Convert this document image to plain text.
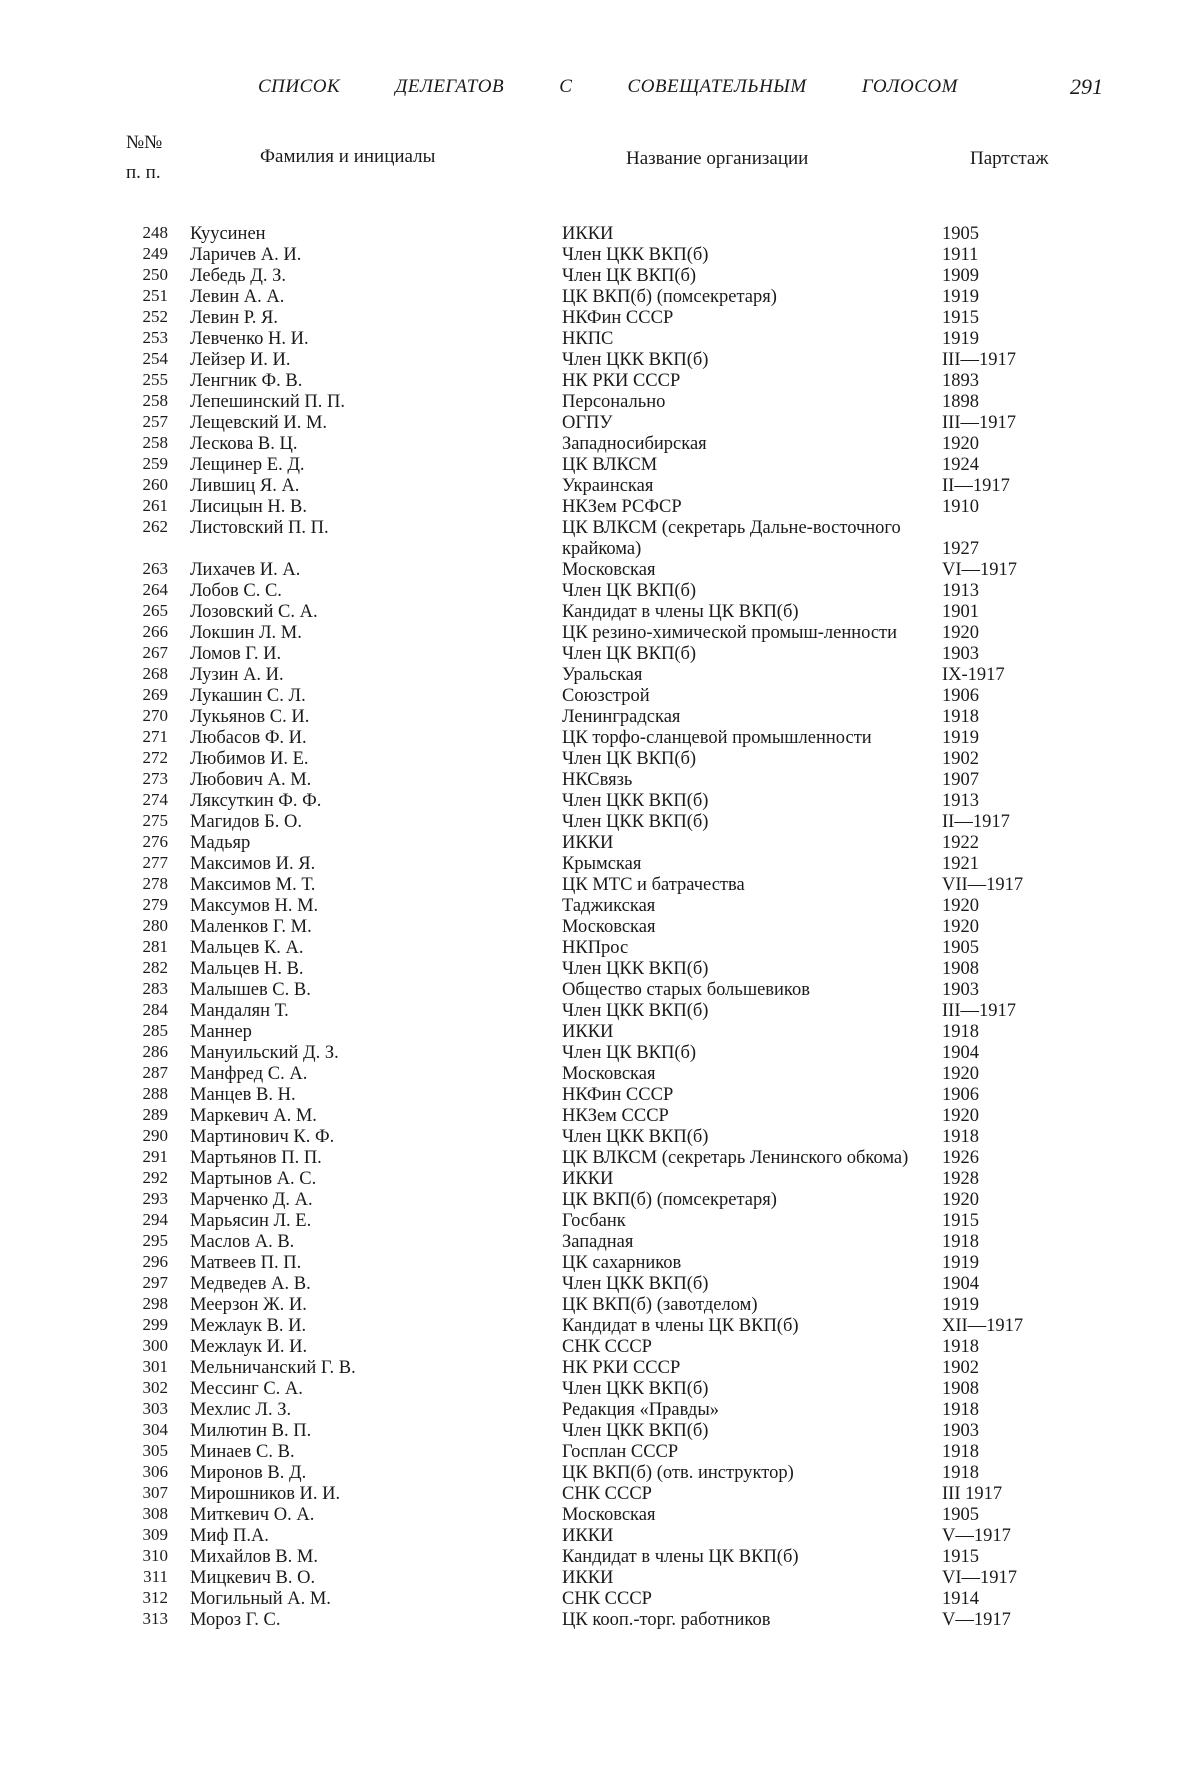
СПИСОК	ДЕЛЕГАТОВ	С	СОВЕЩАТЕЛЬНЫМ	ГОЛОСОМ	291
№№
п. п.
Фамилия и инициалы	Название организации	Партстаж
248 Куусинен	ИККИ	1905
249 Ларичев А. И.	Член ЦКК ВКП(б)	1911
250 Лебедь Д. З.	Член ЦК ВКП(б)	1909
251 Левин А. А.	ЦК ВКП(б) (помсекретаря)	1919
252 Левин Р. Я.	НКФин СССР	1915
253 Левченко Н. И.	НКПС	1919
254 Лейзер И. И.	Член ЦКК ВКП(б)	III—1917
255 Ленгник Ф. В.	НК РКИ СССР	1893
258 Лепешинский П. П.	Персонально	1898
257 Лещевский И. М.	ОГПУ	III—1917
258 Лескова В. Ц.	Западносибирская	1920
259 Лещинер Е. Д.	ЦК ВЛКСМ	1924
260 Лившиц Я. А.	Украинская	II—1917
261 Лисицын Н. В.	НКЗем РСФСР	1910
262 Листовский П. П.	ЦК ВЛКСМ (секретарь Дальне-восточного крайкома)	1927
263 Лихачев И. А.	Московская	VI—1917
264 Лобов С. С.	Член ЦК ВКП(б)	1913
265 Лозовский С. А.	Кандидат в члены ЦК ВКП(б)	1901
266 Локшин Л. М.	ЦК резино-химической промыш-ленности	1920
267 Ломов Г. И.	Член ЦК ВКП(б)	1903
268 Лузин А. И.	Уральская	IX-1917
269 Лукашин С. Л.	Союзстрой	1906
270 Лукьянов С. И.	Ленинградская	1918
271 Любасов Ф. И.	ЦК торфо-сланцевой промышленности	1919
272 Любимов И. Е.	Член ЦК ВКП(б)	1902
273 Любович А. М.	НКСвязь	1907
274 Ляксуткин Ф. Ф.	Член ЦКК ВКП(б)	1913
275 Магидов Б. О.	Член ЦКК ВКП(б)	II—1917
276 Мадьяр	ИККИ	1922
277 Максимов И. Я.	Крымская	1921
278 Максимов М. Т.	ЦК МТС и батрачества	VII—1917
279 Максумов Н. М.	Таджикская	1920
280 Маленков Г. М.	Московская	1920
281 Мальцев К. А.	НКПрос	1905
282 Мальцев Н. В.	Член ЦКК ВКП(б)	1908
283 Малышев С. В.	Общество старых большевиков	1903
284 Мандалян Т.	Член ЦКК ВКП(б)	III—1917
285 Маннер	ИККИ	1918
286 Мануильский Д. З.	Член ЦК ВКП(б)	1904
287 Манфред С. А.	Московская	1920
288 Манцев В. Н.	НКФин СССР	1906
289 Маркевич А. М.	НКЗем СССР	1920
290 Мартинович К. Ф.	Член ЦКК ВКП(б)	1918
291 Мартьянов П. П.	ЦК ВЛКСМ (секретарь Ленинского обкома)	1926
292 Мартынов А. С.	ИККИ	1928
293 Марченко Д. А.	ЦК ВКП(б) (помсекретаря)	1920
294 Марьясин Л. Е.	Госбанк	1915
295 Маслов А. В.	Западная	1918
296 Матвеев П. П.	ЦК сахарников	1919
297 Медведев А. В.	Член ЦКК ВКП(б)	1904
298 Меерзон Ж. И.	ЦК ВКП(б) (завотделом)	1919
299 Межлаук В. И.	Кандидат в члены ЦК ВКП(б)	XII—1917
300 Межлаук И. И.	СНК СССР	1918
301 Мельничанский Г. В.	НК РКИ СССР	1902
302 Мессинг С. А.	Член ЦКК ВКП(б)	1908
303 Мехлис Л. З.	Редакция «Правды»	1918
304 Милютин В. П.	Член ЦКК ВКП(б)	1903
305 Минаев С. В.	Госплан СССР	1918
306 Миронов В. Д.	ЦК ВКП(б) (отв. инструктор)	1918
307 Мирошников И. И.	СНК СССР	III 1917
308 Миткевич О. А.	Московская	1905
309 Миф П.А.	ИККИ	V—1917
310 Михайлов В. М.	Кандидат в члены ЦК ВКП(б)	1915
311 Мицкевич В. О.	ИККИ	VI—1917
312 Могильный А. М.	СНК СССР	1914
313 Мороз Г. С.	ЦК кооп.-торг. работников	V—1917
